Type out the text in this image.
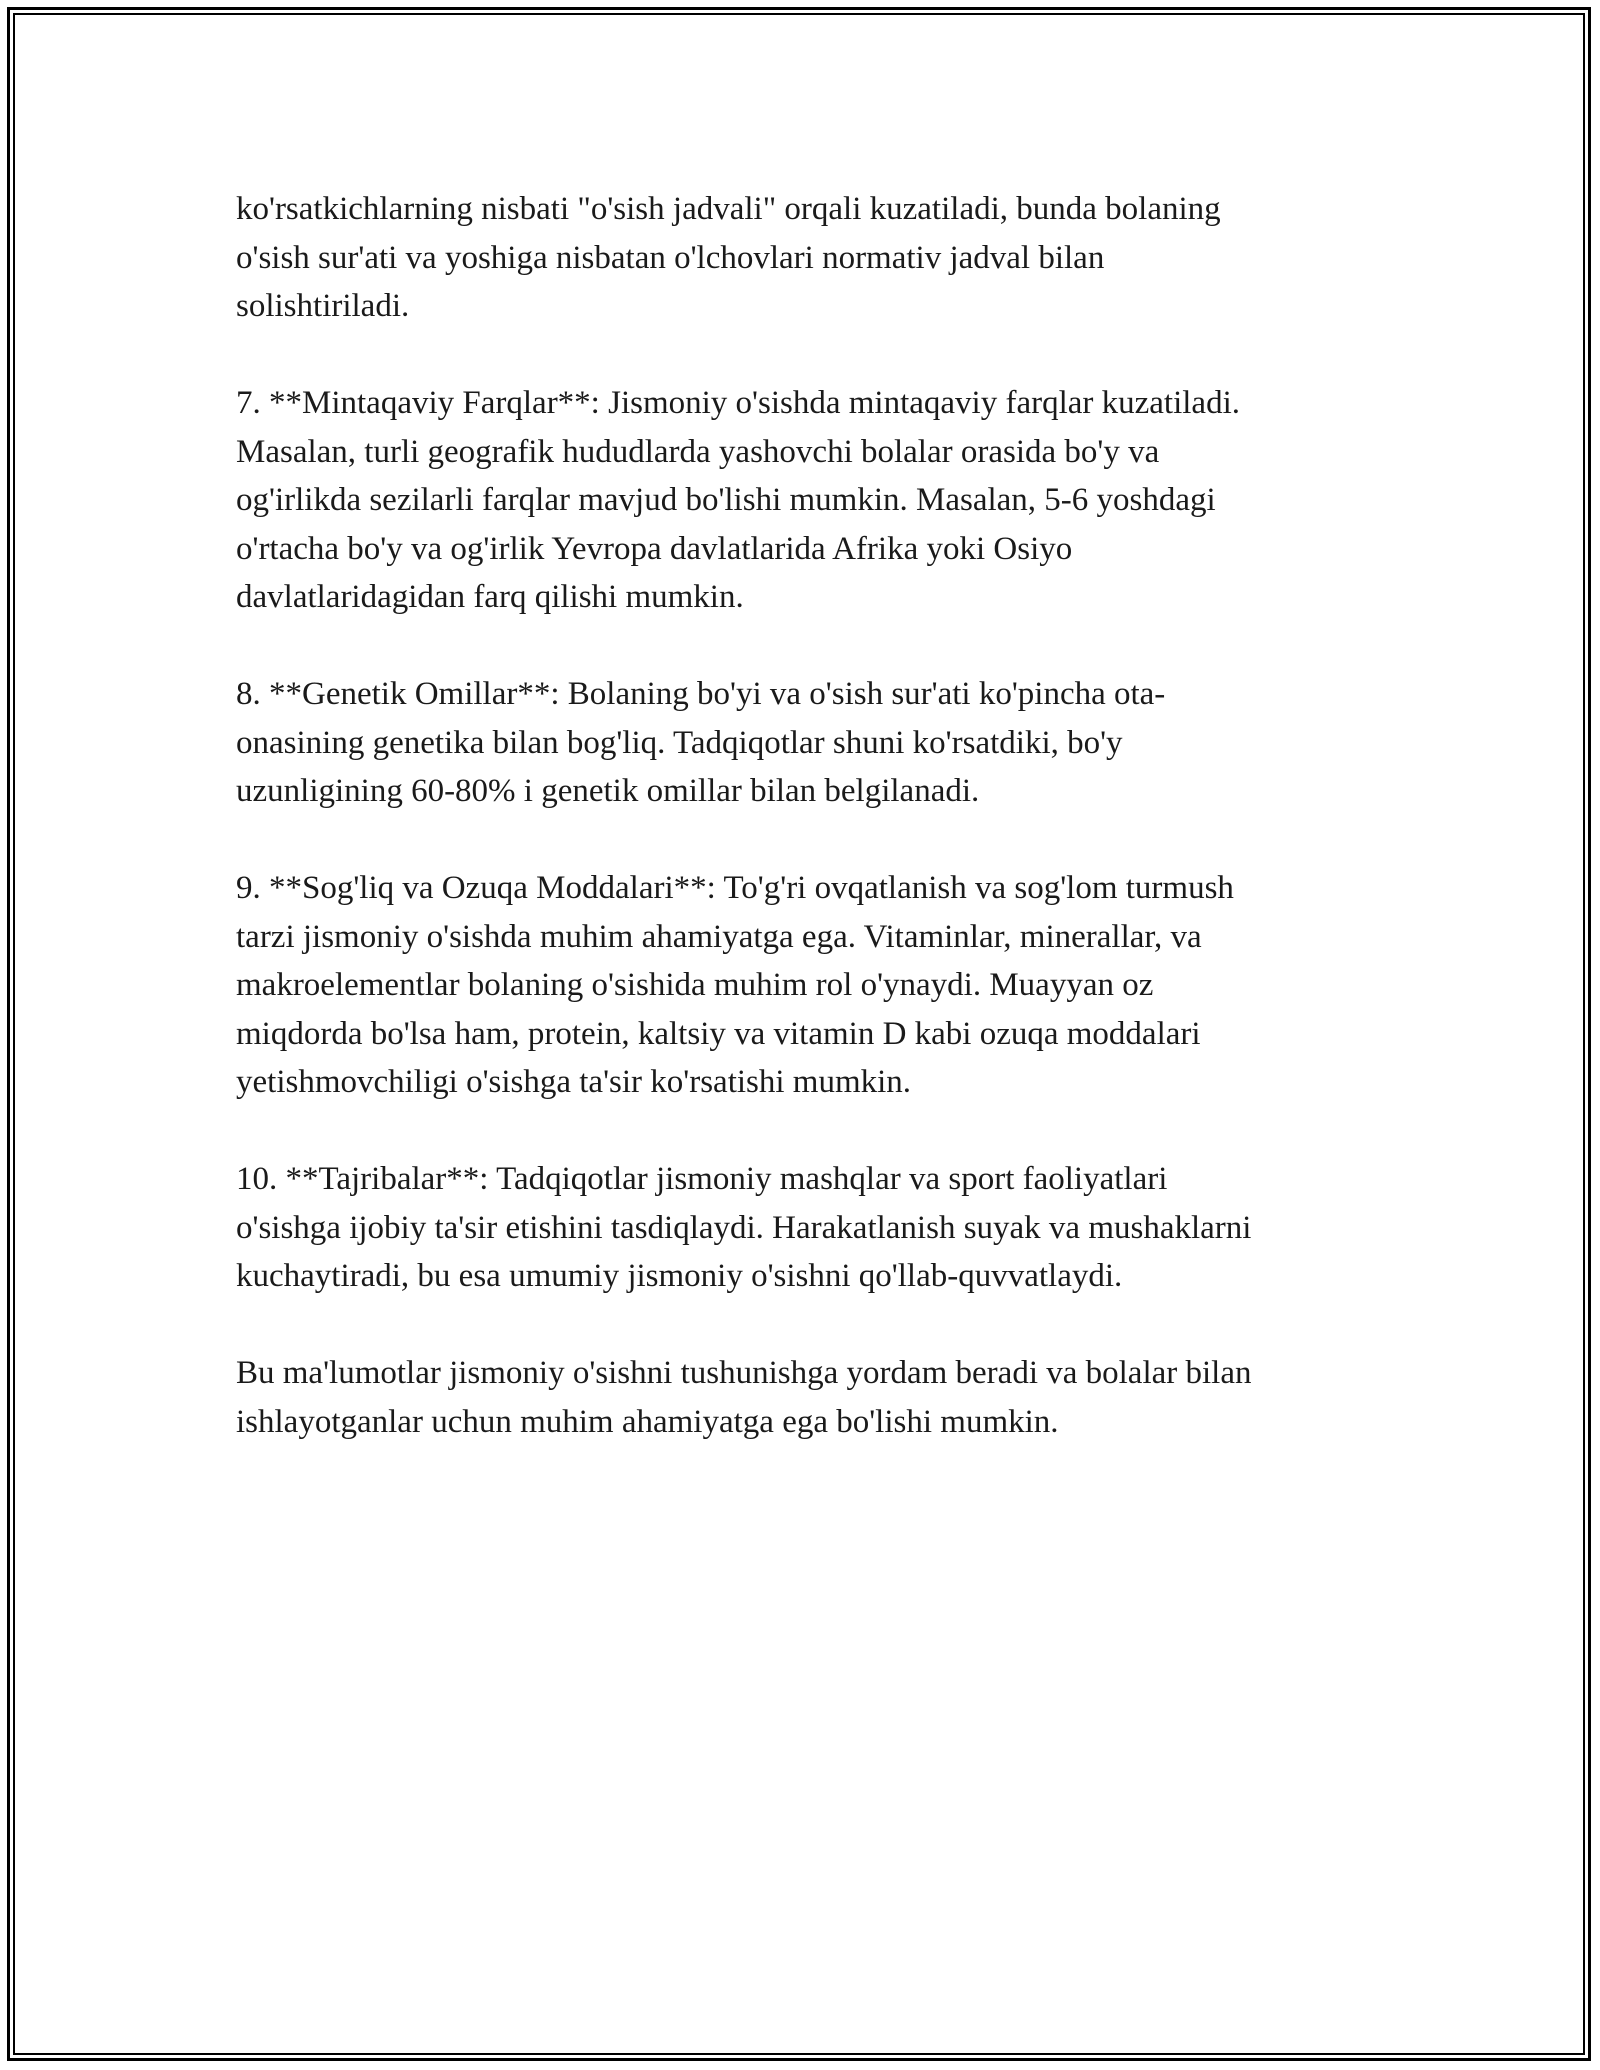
ko'rsatkichlarning nisbati "o'sish jadvali" orqali kuzatiladi, bunda bolaning
o'sish sur'ati va yoshiga nisbatan o'lchovlari normativ jadval bilan
solishtiriladi.

7. **Mintaqaviy Farqlar**: Jismoniy o'sishda mintaqaviy farqlar kuzatiladi.
Masalan, turli geografik hududlarda yashovchi bolalar orasida bo'y va
og'irlikda sezilarli farqlar mavjud bo'lishi mumkin. Masalan, 5-6 yoshdagi
o'rtacha bo'y va og'irlik Yevropa davlatlarida Afrika yoki Osiyo
davlatlaridagidan farq qilishi mumkin.

8. **Genetik Omillar**: Bolaning bo'yi va o'sish sur'ati ko'pincha ota-
onasining genetika bilan bog'liq. Tadqiqotlar shuni ko'rsatdiki, bo'y
uzunligining 60-80% i genetik omillar bilan belgilanadi.

9. **Sog'liq va Ozuqa Moddalari**: To'g'ri ovqatlanish va sog'lom turmush
tarzi jismoniy o'sishda muhim ahamiyatga ega. Vitaminlar, minerallar, va
makroelementlar bolaning o'sishida muhim rol o'ynaydi. Muayyan oz
miqdorda bo'lsa ham, protein, kaltsiy va vitamin D kabi ozuqa moddalari
yetishmovchiligi o'sishga ta'sir ko'rsatishi mumkin.

10. **Tajribalar**: Tadqiqotlar jismoniy mashqlar va sport faoliyatlari
o'sishga ijobiy ta'sir etishini tasdiqlaydi. Harakatlanish suyak va mushaklarni
kuchaytiradi, bu esa umumiy jismoniy o'sishni qo'llab-quvvatlaydi.

Bu ma'lumotlar jismoniy o'sishni tushunishga yordam beradi va bolalar bilan
ishlayotganlar uchun muhim ahamiyatga ega bo'lishi mumkin.
